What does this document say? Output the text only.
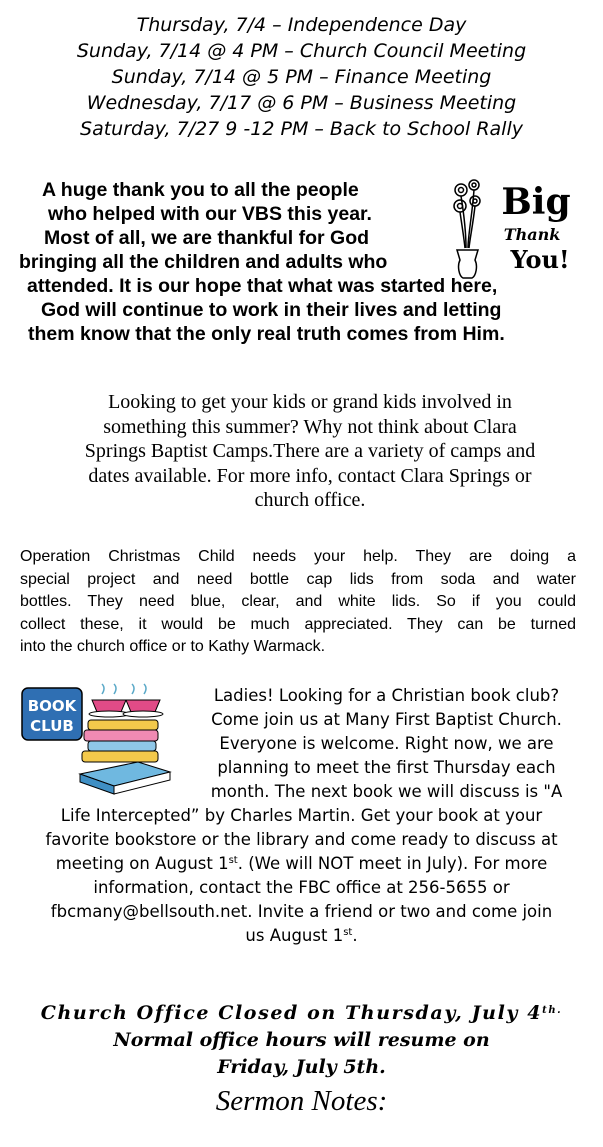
Thursday, 7/4 – Independence Day
Sunday, 7/14 @ 4 PM – Church Council Meeting
Sunday, 7/14 @ 5 PM – Finance Meeting
Wednesday, 7/17 @ 6 PM – Business Meeting
Saturday, 7/27 9 -12 PM – Back to School Rally
A huge thank you to all the people
who helped with our VBS this year.
Most of all, we are thankful for God
bringing all the children and adults who
attended. It is our hope that what was started here,
God will continue to work in their lives and letting
them know that the only real truth comes from Him.
Big
Thank
You!
Looking to get your kids or grand kids involved in
something this summer? Why not think about Clara
Springs Baptist Camps.There are a variety of camps and
dates available. For more info, contact Clara Springs or
church office.
Operation Christmas Child needs your help. They are doing a
special project and need bottle cap lids from soda and water
bottles. They need blue, clear, and white lids. So if you could
collect these, it would be much appreciated. They can be turned
into the church office or to Kathy Warmack.
BOOK
CLUB
Ladies! Looking for a Christian book club?
Come join us at Many First Baptist Church.
Everyone is welcome. Right now, we are
planning to meet the first Thursday each
month. The next book we will discuss is "A
Life Intercepted” by Charles Martin. Get your book at your
favorite bookstore or the library and come ready to discuss at
meeting on August 1st. (We will NOT meet in July). For more
information, contact the FBC office at 256-5655 or
fbcmany@bellsouth.net. Invite a friend or two and come join
us August 1st.
Church Office Closed on Thursday, July $4^{th.}$
Normal office hours will resume on
Friday, July 5th.
Sermon Notes:
